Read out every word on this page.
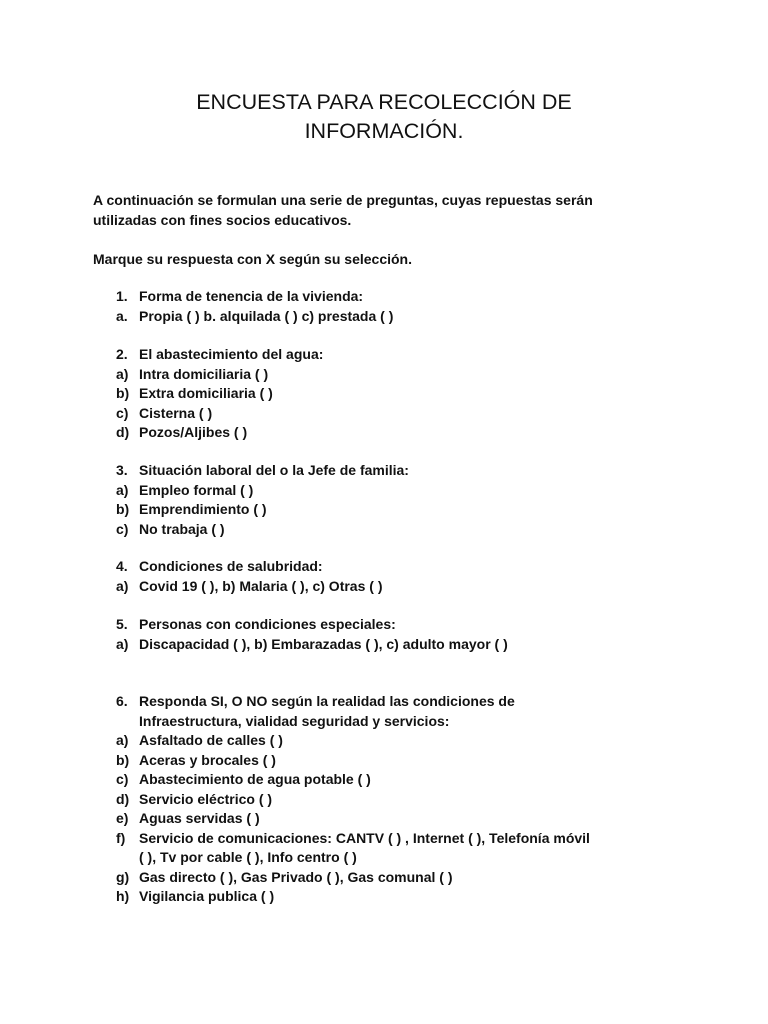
ENCUESTA PARA RECOLECCIÓN DE
INFORMACIÓN.
A continuación se formulan una serie de preguntas, cuyas repuestas serán
utilizadas con fines socios educativos.
Marque su respuesta con X según su selección.
1. Forma de tenencia de la vivienda:
a. Propia ( ) b. alquilada ( ) c) prestada ( )
2. El abastecimiento del agua:
a) Intra domiciliaria ( )
b) Extra domiciliaria ( )
c) Cisterna ( )
d) Pozos/Aljibes ( )
3. Situación laboral del o la Jefe de familia:
a) Empleo formal ( )
b) Emprendimiento ( )
c) No trabaja ( )
4. Condiciones de salubridad:
a) Covid 19 ( ), b) Malaria ( ), c) Otras ( )
5. Personas con condiciones especiales:
a) Discapacidad ( ), b) Embarazadas ( ), c) adulto mayor ( )
6. Responda SI, O NO según la realidad las condiciones de
Infraestructura, vialidad seguridad y servicios:
a) Asfaltado de calles ( )
b) Aceras y brocales ( )
c) Abastecimiento de agua potable ( )
d) Servicio eléctrico ( )
e) Aguas servidas ( )
f) Servicio de comunicaciones: CANTV ( ) , Internet ( ), Telefonía móvil
( ), Tv por cable ( ), Info centro ( )
g) Gas directo ( ), Gas Privado ( ), Gas comunal ( )
h) Vigilancia publica ( )
